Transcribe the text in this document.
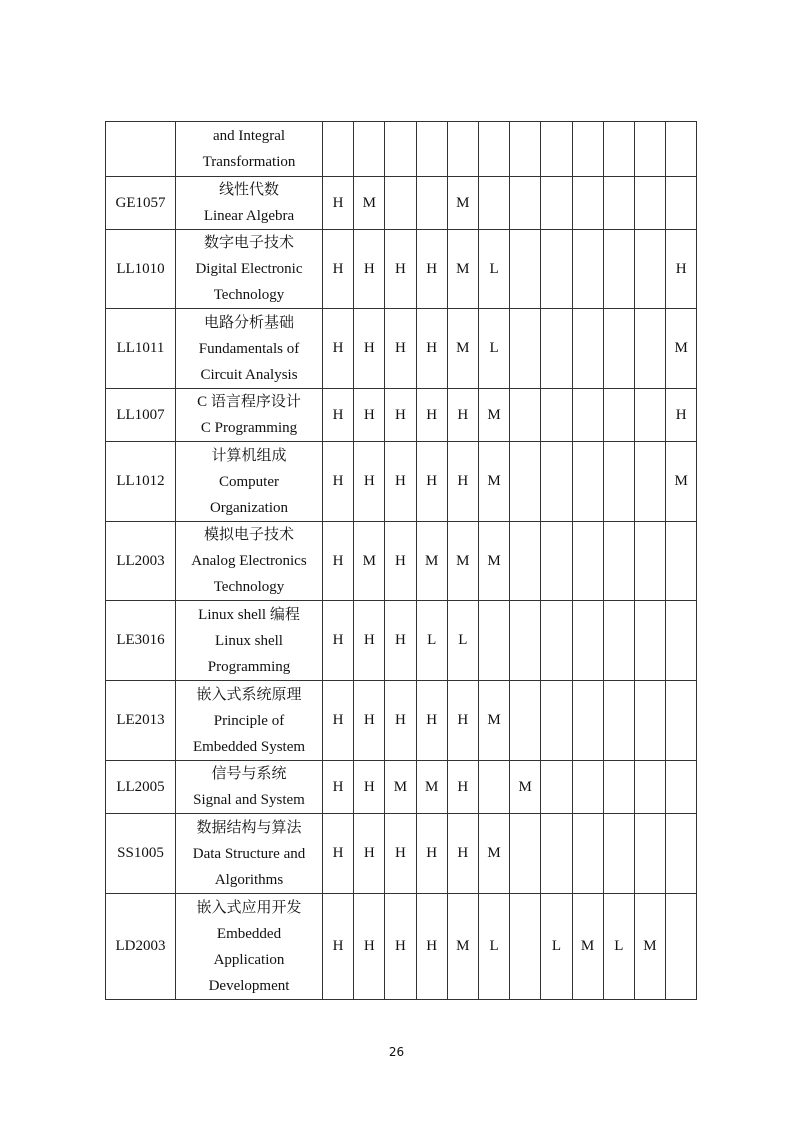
	and Integral
Transformation												

GE1057	线性代数
Linear Algebra	H	M			M							
LL1010	数字电子技术
Digital Electronic
Technology	H	H	H	H	M	L						H
LL1011	电路分析基础
Fundamentals of
Circuit Analysis	H	H	H	H	M	L						M
LL1007	C 语言程序设计
C Programming	H	H	H	H	H	M						H
LL1012	计算机组成
Computer
Organization	H	H	H	H	H	M						M
LL2003	模拟电子技术
Analog Electronics
Technology	H	M	H	M	M	M						
LE3016	Linux shell 编程
Linux shell
Programming	H	H	H	L	L							
LE2013	嵌入式系统原理
Principle of
Embedded System	H	H	H	H	H	M						
LL2005	信号与系统
Signal and System	H	H	M	M	H		M					
SS1005	数据结构与算法
Data Structure and
Algorithms	H	H	H	H	H	M						
LD2003	嵌入式应用开发
Embedded
Application
Development	H	H	H	H	M	L		L	M	L	M	
26
